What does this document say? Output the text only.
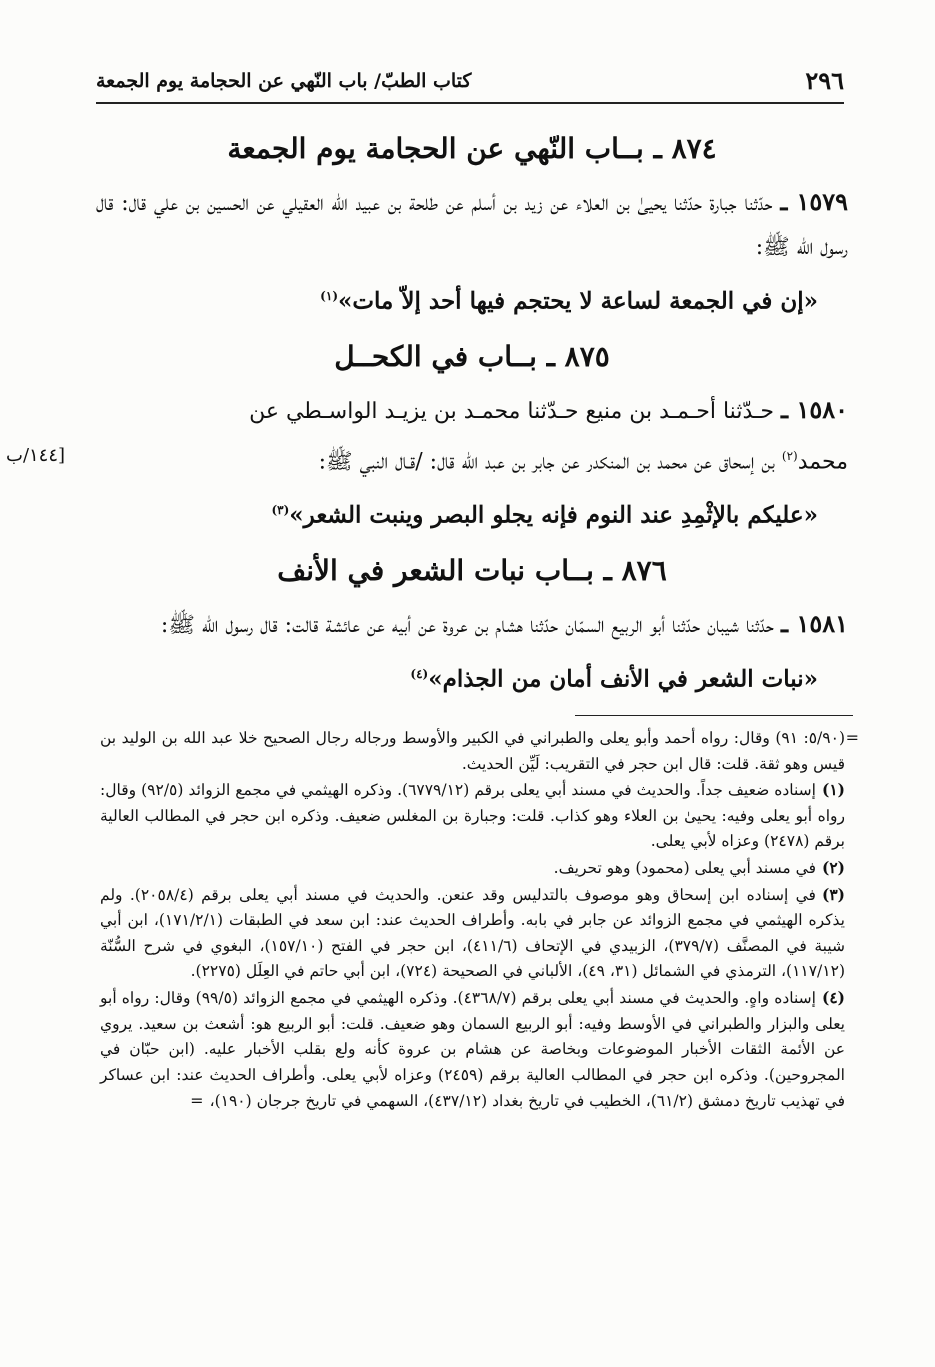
٢٩٦
كتاب الطبّ/ باب النّهي عن الحجامة يوم الجمعة
٨٧٤ ـ بــاب النّهي عن الحجامة يوم الجمعة

١٥٧٩ ـ حدّثنا جبارة حدّثنا يحيىٰ بن العلاء عن زيد بن أسلم عن طلحة بن عبيد الله العقيلي عن الحسين بن علي قال: قال رسول الله ﷺ:

«إن في الجمعة لساعة لا يحتجم فيها أحد إلاّ مات»$^{(١)}$

٨٧٥ ـ بــاب في الكحــل

١٥٨٠ ـ حـدّثنا أحـمـد بن منيع حـدّثنا محمـد بن يزيـد الواسـطي عن

١٤٤/ب]	محمد$^{(٢)}$ بن إسحاق عن محمد بن المنكدر عن جابر بن عبد الله قال: /قـال النبي ﷺ:

«عليكم بالإثْمِدِ عند النوم فإنه يجلو البصر وينبت الشعر»$^{(٣)}$

٨٧٦ ـ بــاب نبات الشعر في الأنف

١٥٨١ ـ حدّثنا شيبان حدّثنا أبو الربيع السمّان حدّثنا هشام بن عروة عن أبيه عن عائشة قالت: قال رسول الله ﷺ:

«نبات الشعر في الأنف أمان من الجذام»$^{(٤)}$

=

(٥/٩٠: ٩١) وقال: رواه أحمد وأبو يعلى والطبراني في الكبير والأوسط ورجاله رجال الصحيح خلا عبد الله بن الوليد بن قيس وهو ثقة. قلت: قال ابن حجر في التقريب: لَيِّن الحديث.

(١)إسناده ضعيف جداً. والحديث في مسند أبي يعلى برقم (٦٧٧٩/١٢). وذكره الهيثمي في مجمع الزوائد (٩٢/٥) وقال: رواه أبو يعلى وفيه: يحيىٰ بن العلاء وهو كذاب. قلت: وجبارة بن المغلس ضعيف. وذكره ابن حجر في المطالب العالية برقم (٢٤٧٨) وعزاه لأبي يعلى.

(٢)في مسند أبي يعلى (محمود) وهو تحريف.

(٣)في إسناده ابن إسحاق وهو موصوف بالتدليس وقد عنعن. والحديث في مسند أبي يعلى برقم (٢٠٥٨/٤). ولم يذكره الهيثمي في مجمع الزوائد عن جابر في بابه. وأطراف الحديث عند: ابن سعد في الطبقات (١٧١/٢/١)، ابن أبي شيبة في المصنَّف (٣٧٩/٧)، الزبيدي في الإتحاف (٤١١/٦)، ابن حجر في الفتح (١٥٧/١٠)، البغوي في شرح السُّنّة (١١٧/١٢)، الترمذي في الشمائل (٣١، ٤٩)، الألباني في الصحيحة (٧٢٤)، ابن أبي حاتم في العِلَل (٢٢٧٥).

(٤)إسناده واهٍ. والحديث في مسند أبي يعلى برقم (٤٣٦٨/٧). وذكره الهيثمي في مجمع الزوائد (٩٩/٥) وقال: رواه أبو يعلى والبزار والطبراني في الأوسط وفيه: أبو الربيع السمان وهو ضعيف. قلت: أبو الربيع هو: أشعث بن سعيد. يروي عن الأئمة الثقات الأخبار الموضوعات وبخاصة عن هشام بن عروة كأنه ولع بقلب الأخبار عليه. (ابن حبّان في المجروحين). وذكره ابن حجر في المطالب العالية برقم (٢٤٥٩) وعزاه لأبي يعلى. وأطراف الحديث عند: ابن عساكر في تهذيب تاريخ دمشق (٦١/٢)، الخطيب في تاريخ بغداد (٤٣٧/١٢)، السهمي في تاريخ جرجان (١٩٠)،=
